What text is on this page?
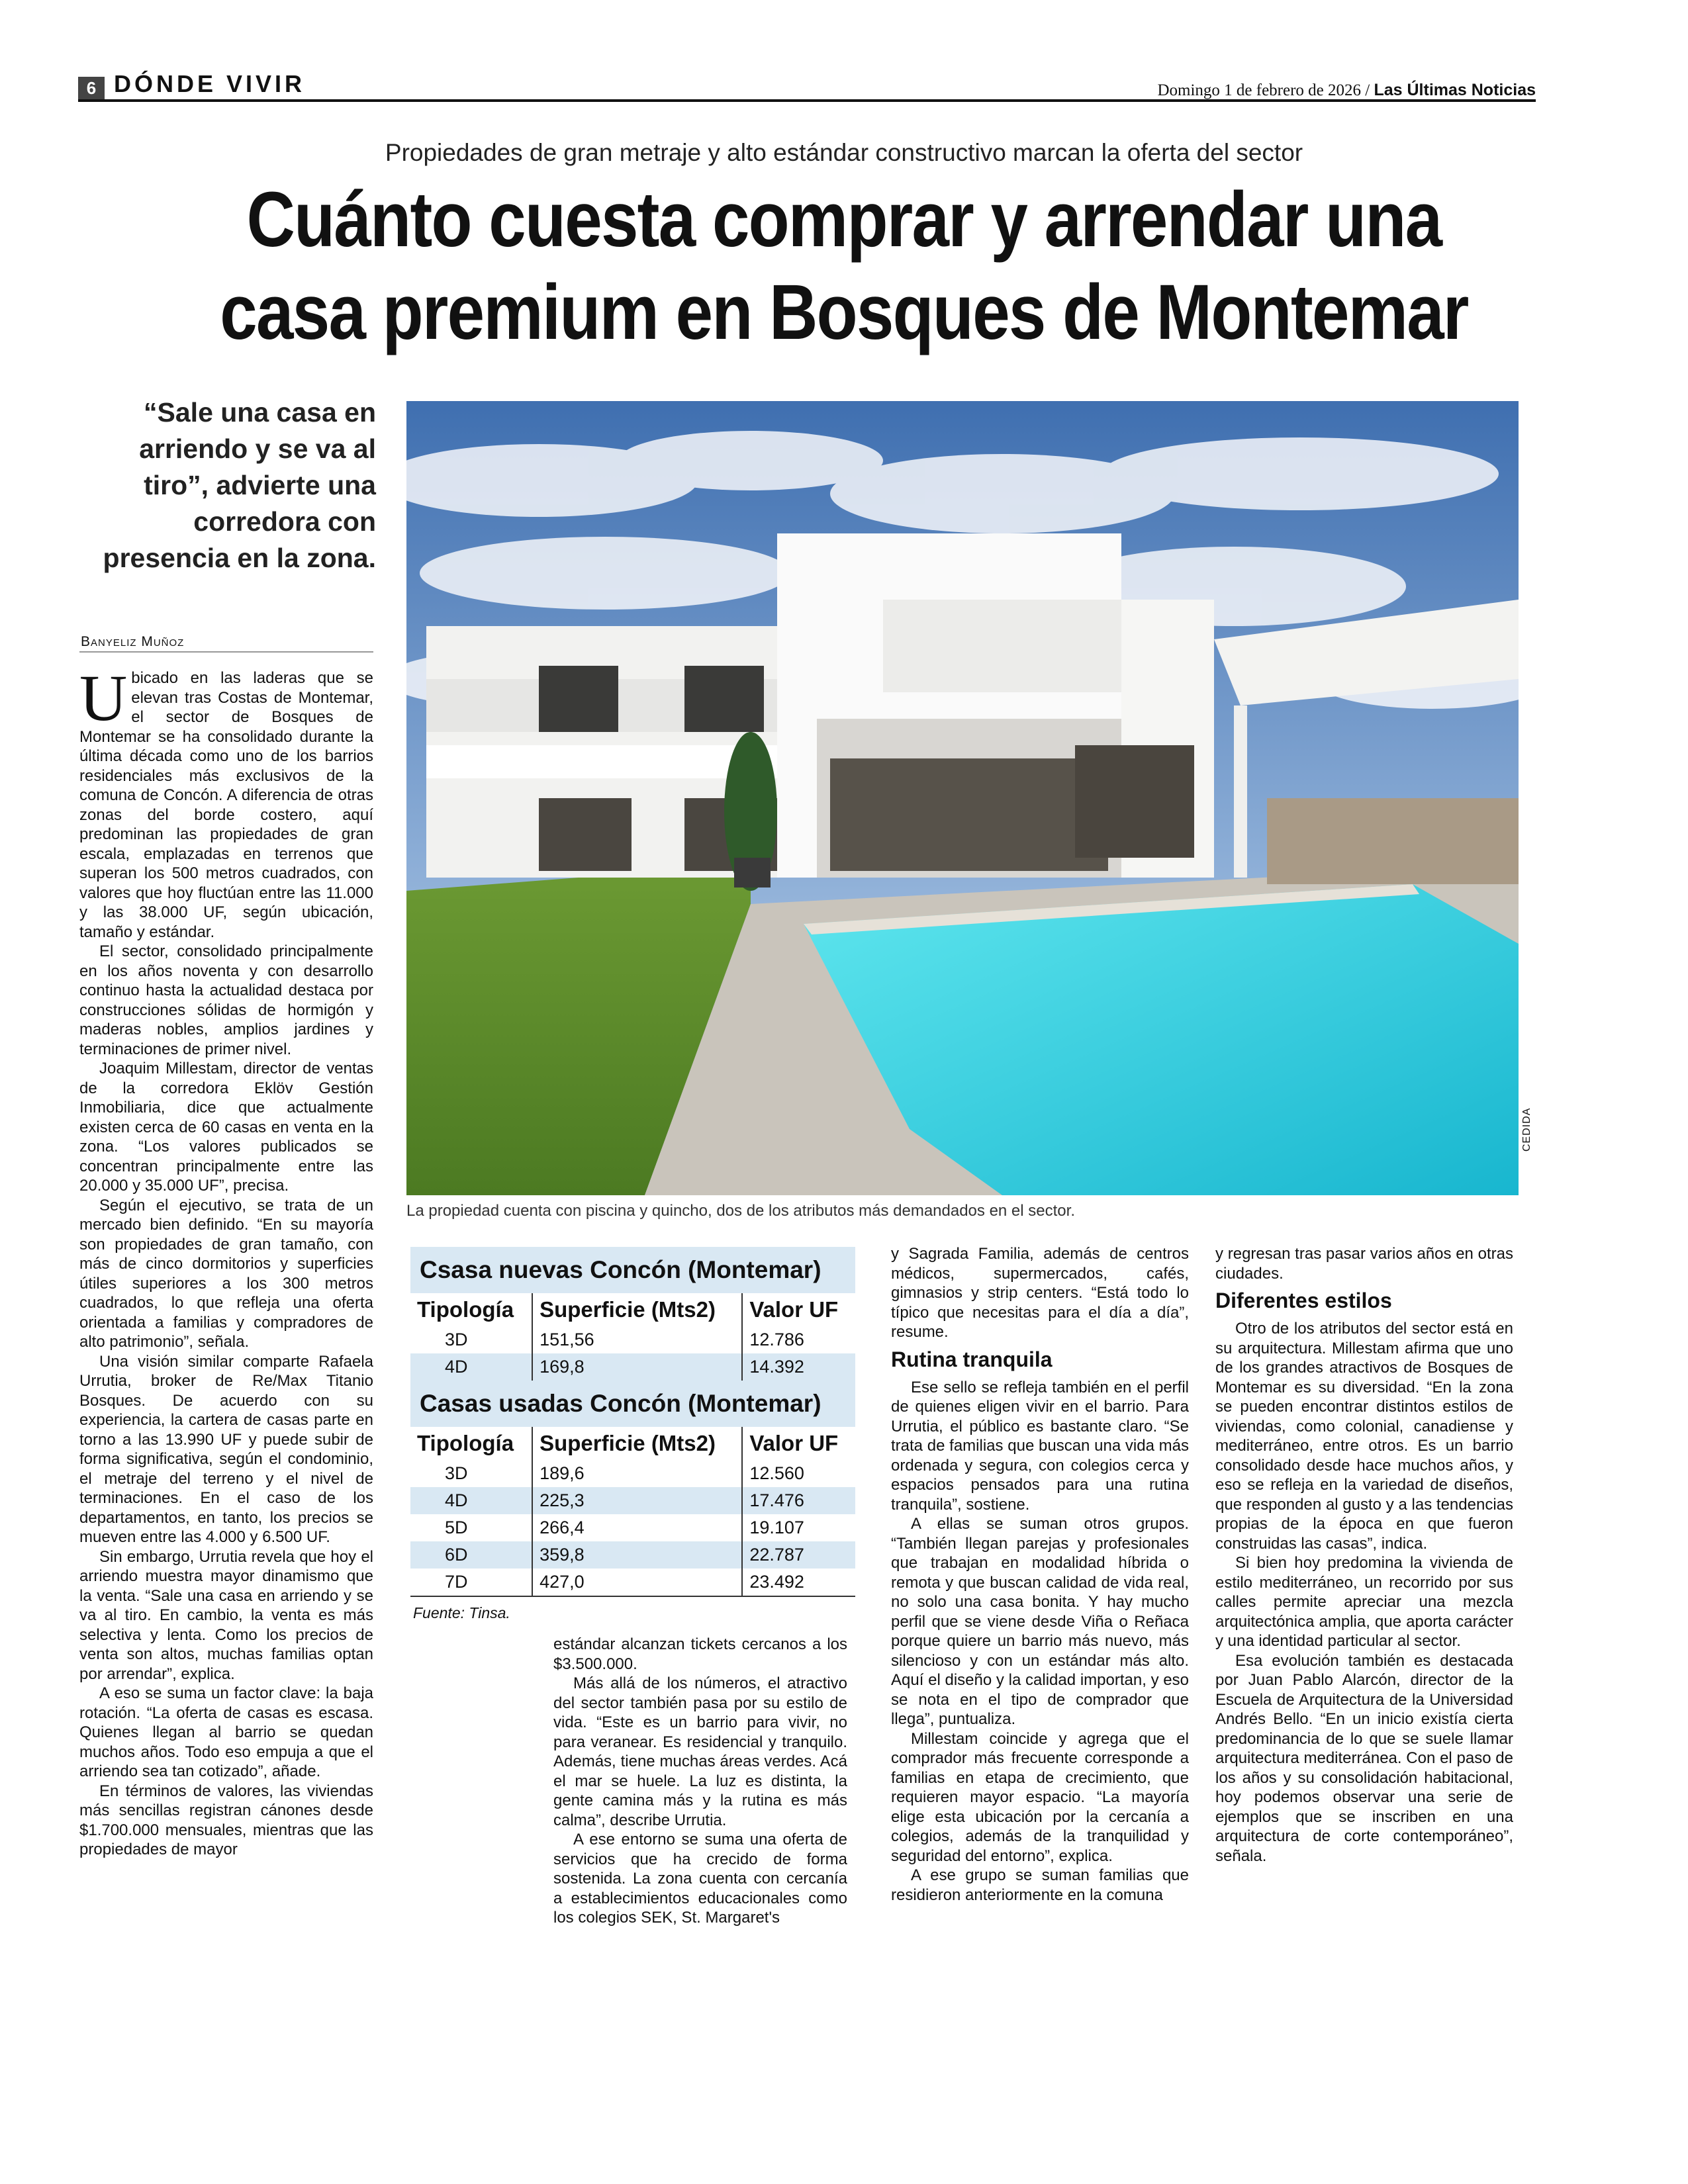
6 DÓNDE VIVIR	Domingo 1 de febrero de 2026 / Las Últimas Noticias
Propiedades de gran metraje y alto estándar constructivo marcan la oferta del sector
Cuánto cuesta comprar y arrendar una
casa premium en Bosques de Montemar
“Sale una casa en arriendo y se va al tiro”, advierte una corredora con presencia en la zona.
Banyeliz Muñoz
CEDIDA
La propiedad cuenta con piscina y quincho, dos de los atributos más demandados en el sector.

Ubicado en las laderas que se elevan tras Costas de Montemar, el sector de Bosques de Montemar se ha consolidado durante la última década como uno de los barrios residenciales más exclusivos de la comuna de Concón. A diferencia de otras zonas del borde costero, aquí predominan las propiedades de gran escala, emplazadas en terrenos que superan los 500 metros cuadrados, con valores que hoy fluctúan entre las 11.000 y las 38.000 UF, según ubicación, tamaño y estándar.

El sector, consolidado principalmente en los años noventa y con desarrollo continuo hasta la actualidad destaca por construcciones sólidas de hormigón y maderas nobles, amplios jardines y terminaciones de primer nivel.

Joaquim Millestam, director de ventas de la corredora Eklöv Gestión Inmobiliaria, dice que actualmente existen cerca de 60 casas en venta en la zona. “Los valores publicados se concentran principalmente entre las 20.000 y 35.000 UF”, precisa.

Según el ejecutivo, se trata de un mercado bien definido. “En su mayoría son propiedades de gran tamaño, con más de cinco dormitorios y superficies útiles superiores a los 300 metros cuadrados, lo que refleja una oferta orientada a familias y compradores de alto patrimonio”, señala.

Una visión similar comparte Rafaela Urrutia, broker de Re/Max Titanio Bosques. De acuerdo con su experiencia, la cartera de casas parte en torno a las 13.990 UF y puede subir de forma significativa, según el condominio, el metraje del terreno y el nivel de terminaciones. En el caso de los departamentos, en tanto, los precios se mueven entre las 4.000 y 6.500 UF.

Sin embargo, Urrutia revela que hoy el arriendo muestra mayor dinamismo que la venta. “Sale una casa en arriendo y se va al tiro. En cambio, la venta es más selectiva y lenta. Como los precios de venta son altos, muchas familias optan por arrendar”, explica.

A eso se suma un factor clave: la baja rotación. “La oferta de casas es escasa. Quienes llegan al barrio se quedan muchos años. Todo eso empuja a que el arriendo sea tan cotizado”, añade.

En términos de valores, las viviendas más sencillas registran cánones desde $1.700.000 mensuales, mientras que las propiedades de mayor

Csasa nuevas Concón (Montemar)
Tipología	Superficie (Mts2)	Valor UF
3D	151,56	12.786
4D	169,8	14.392
Casas usadas Concón (Montemar)
Tipología	Superficie (Mts2)	Valor UF
3D	189,6	12.560
4D	225,3	17.476
5D	266,4	19.107
6D	359,8	22.787
7D	427,0	23.492
Fuente: Tinsa.

estándar alcanzan tickets cercanos a los $3.500.000.

Más allá de los números, el atractivo del sector también pasa por su estilo de vida. “Este es un barrio para vivir, no para veranear. Es residencial y tranquilo. Además, tiene muchas áreas verdes. Acá el mar se huele. La luz es distinta, la gente camina más y la rutina es más calma”, describe Urrutia.

A ese entorno se suma una oferta de servicios que ha crecido de forma sostenida. La zona cuenta con cercanía a establecimientos educacionales como los colegios SEK, St. Margaret's

y Sagrada Familia, además de centros médicos, supermercados, cafés, gimnasios y strip centers. “Está todo lo típico que necesitas para el día a día”, resume.

Rutina tranquila

Ese sello se refleja también en el perfil de quienes eligen vivir en el barrio. Para Urrutia, el público es bastante claro. “Se trata de familias que buscan una vida más ordenada y segura, con colegios cerca y espacios pensados para una rutina tranquila”, sostiene.

A ellas se suman otros grupos. “También llegan parejas y profesionales que trabajan en modalidad híbrida o remota y que buscan calidad de vida real, no solo una casa bonita. Y hay mucho perfil que se viene desde Viña o Reñaca porque quiere un barrio más nuevo, más silencioso y con un estándar más alto. Aquí el diseño y la calidad importan, y eso se nota en el tipo de comprador que llega”, puntualiza.

Millestam coincide y agrega que el comprador más frecuente corresponde a familias en etapa de crecimiento, que requieren mayor espacio. “La mayoría elige esta ubicación por la cercanía a colegios, además de la tranquilidad y seguridad del entorno”, explica.

A ese grupo se suman familias que residieron anteriormente en la comuna

y regresan tras pasar varios años en otras ciudades.

Diferentes estilos

Otro de los atributos del sector está en su arquitectura. Millestam afirma que uno de los grandes atractivos de Bosques de Montemar es su diversidad. “En la zona se pueden encontrar distintos estilos de viviendas, como colonial, canadiense y mediterráneo, entre otros. Es un barrio consolidado desde hace muchos años, y eso se refleja en la variedad de diseños, que responden al gusto y a las tendencias propias de la época en que fueron construidas las casas”, indica.

Si bien hoy predomina la vivienda de estilo mediterráneo, un recorrido por sus calles permite apreciar una mezcla arquitectónica amplia, que aporta carácter y una identidad particular al sector.

Esa evolución también es destacada por Juan Pablo Alarcón, director de la Escuela de Arquitectura de la Universidad Andrés Bello. “En un inicio existía cierta predominancia de lo que se suele llamar arquitectura mediterránea. Con el paso de los años y su consolidación habitacional, hoy podemos observar una serie de ejemplos que se inscriben en una arquitectura de corte contemporáneo”, señala.
